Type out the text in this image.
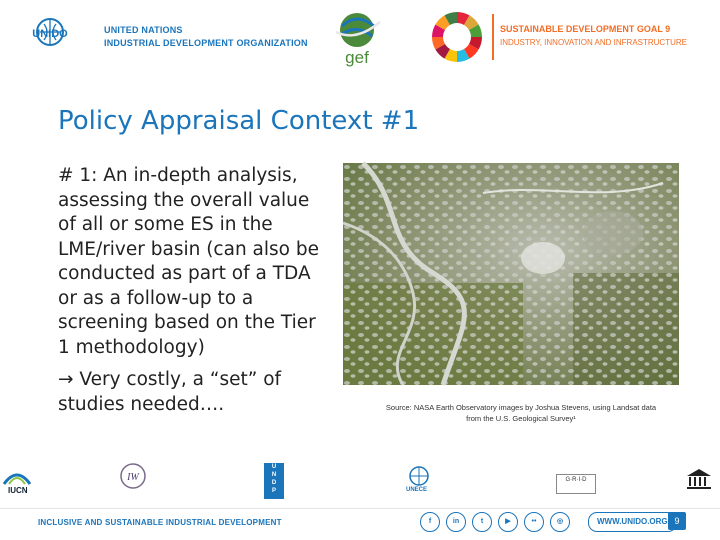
UNIDO	UNITED NATIONS
INDUSTRIAL DEVELOPMENT ORGANIZATION
gef
SUSTAINABLE DEVELOPMENT GOAL 9
INDUSTRY, INNOVATION AND INFRASTRUCTURE
Policy Appraisal Context #1

# 1: An in-depth analysis, assessing the overall value of all or some ES in the LME/river basin (can also be conducted as part of a TDA or as a follow-up to a screening based on the Tier 1 methodology)

→ Very costly, a “set” of studies needed….	Source: NASA Earth Observatory images by Joshua Stevens, using Landsat data
from the U.S. Geological Survey¹
IUCN
IW
U
N
D
P	UNECE
G·R·I·D
INCLUSIVE AND SUSTAINABLE INDUSTRIAL DEVELOPMENT	f	in	t	▶	••	◎	WWW.UNIDO.ORG 9
